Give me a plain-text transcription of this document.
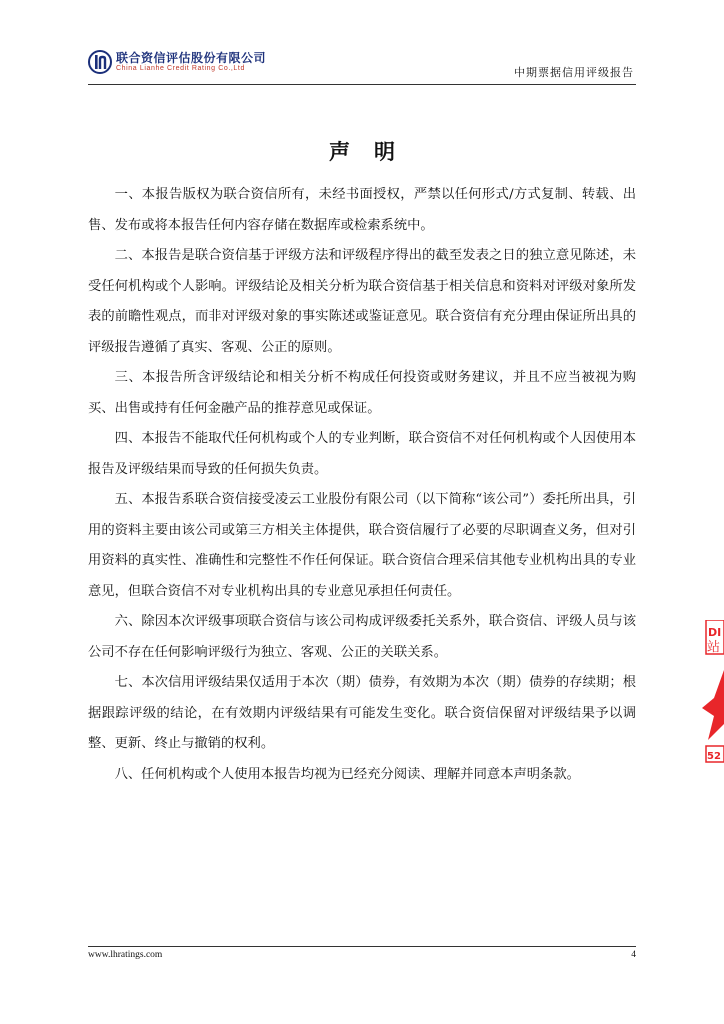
联合资信评估股份有限公司
China Lianhe Credit Rating Co.,Ltd	中期票据信用评级报告
声明

一、本报告版权为联合资信所有，未经书面授权，严禁以任何形式/方式复制、转载、出售、发布或将本报告任何内容存储在数据库或检索系统中。

二、本报告是联合资信基于评级方法和评级程序得出的截至发表之日的独立意见陈述，未受任何机构或个人影响。评级结论及相关分析为联合资信基于相关信息和资料对评级对象所发表的前瞻性观点，而非对评级对象的事实陈述或鉴证意见。联合资信有充分理由保证所出具的评级报告遵循了真实、客观、公正的原则。

三、本报告所含评级结论和相关分析不构成任何投资或财务建议，并且不应当被视为购买、出售或持有任何金融产品的推荐意见或保证。

四、本报告不能取代任何机构或个人的专业判断，联合资信不对任何机构或个人因使用本报告及评级结果而导致的任何损失负责。

五、本报告系联合资信接受凌云工业股份有限公司（以下简称“该公司”）委托所出具，引用的资料主要由该公司或第三方相关主体提供，联合资信履行了必要的尽职调查义务，但对引用资料的真实性、准确性和完整性不作任何保证。联合资信合理采信其他专业机构出具的专业意见，但联合资信不对专业机构出具的专业意见承担任何责任。

六、除因本次评级事项联合资信与该公司构成评级委托关系外，联合资信、评级人员与该公司不存在任何影响评级行为独立、客观、公正的关联关系。

七、本次信用评级结果仅适用于本次（期）债券，有效期为本次（期）债券的存续期；根据跟踪评级的结论，在有效期内评级结果有可能发生变化。联合资信保留对评级结果予以调整、更新、终止与撤销的权利。

八、任何机构或个人使用本报告均视为已经充分阅读、理解并同意本声明条款。

www.lhratings.com	4
DI
站
52
